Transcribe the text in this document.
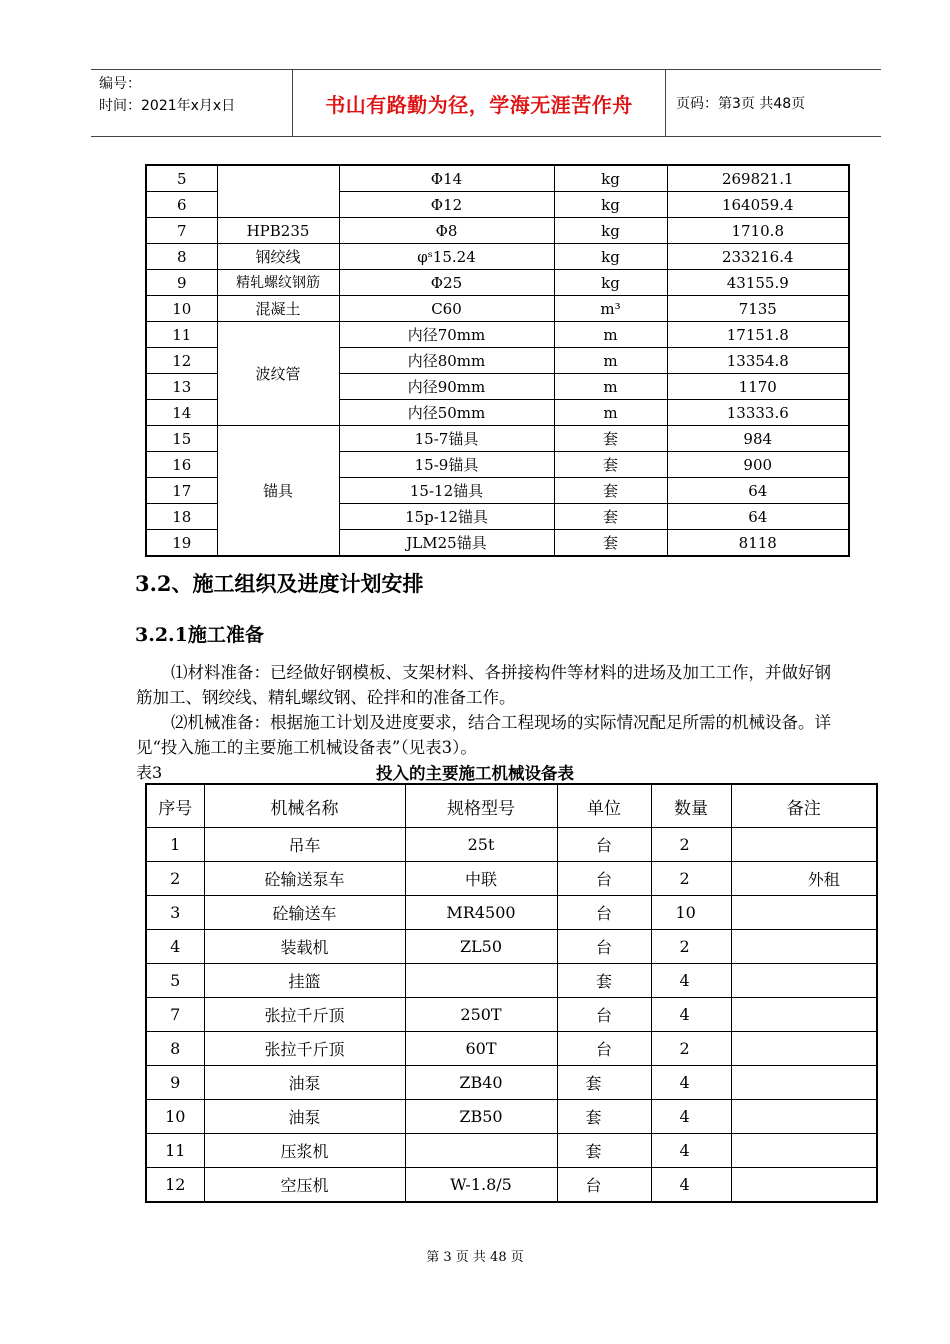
编号：
时间：2021年x月x日	书山有路勤为径，学海无涯苦作舟	页码：第3页 共48页
5		Φ14	kg	269821.1
6		Φ12	kg	164059.4
7	HPB235	Φ8	kg	1710.8
8	钢绞线	φˢ15.24	kg	233216.4
9	精轧螺纹钢筋	Φ25	kg	43155.9
10	混凝土	C60	m³	7135
11	波纹管	内径70mm	m	17151.8
12		内径80mm	m	13354.8
13		内径90mm	m	1170
14		内径50mm	m	13333.6
15	锚具	15-7锚具	套	984
16		15-9锚具	套	900
17		15-12锚具	套	64
18		15p-12锚具	套	64
19		JLM25锚具	套	8118
3.2、施工组织及进度计划安排
3.2.1施工准备
⑴材料准备：已经做好钢模板、支架材料、各拼接构件等材料的进场及加工工作，并做好钢筋加工、钢绞线、精轧螺纹钢、砼拌和的准备工作。
⑵机械准备：根据施工计划及进度要求，结合工程现场的实际情况配足所需的机械设备。详见“投入施工的主要施工机械设备表”（见表3）。
投入的主要施工机械设备表
表3
序号	机械名称	规格型号	单位	数量	备注
1	吊车	25t	台	2	
2	砼输送泵车	中联	台	2	外租
3	砼输送车	MR4500	台	10	
4	装载机	ZL50	台	2	
5	挂篮		套	4	
7	张拉千斤顶	250T	台	4	
8	张拉千斤顶	60T	台	2	
9	油泵	ZB40	套	4	
10	油泵	ZB50	套	4	
11	压浆机		套	4	
12	空压机	W-1.8/5	台	4	
第 3 页 共 48 页
